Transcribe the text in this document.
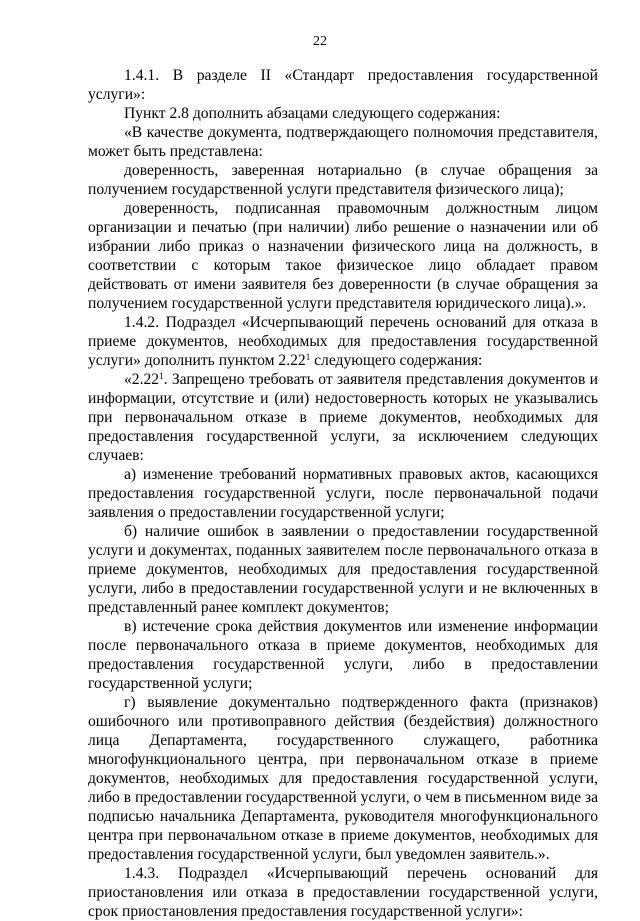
22

1.4.1. В разделе II «Стандарт предоставления государственной услуги»:

Пункт 2.8 дополнить абзацами следующего содержания:

«В качестве документа, подтверждающего полномочия представителя, может быть представлена:

доверенность, заверенная нотариально (в случае обращения за получением государственной услуги представителя физического лица);

доверенность, подписанная правомочным должностным лицом организации и печатью (при наличии) либо решение о назначении или об избрании либо приказ о назначении физического лица на должность, в соответствии с которым такое физическое лицо обладает правом действовать от имени заявителя без доверенности (в случае обращения за получением государственной услуги представителя юридического лица).».

1.4.2. Подраздел «Исчерпывающий перечень оснований для отказа в приеме документов, необходимых для предоставления государственной услуги» дополнить пунктом 2.22$^1$ следующего содержания:

«2.22$^1$. Запрещено требовать от заявителя представления документов и информации, отсутствие и (или) недостоверность которых не указывались при первоначальном отказе в приеме документов, необходимых для предоставления государственной услуги, за исключением следующих случаев:

а) изменение требований нормативных правовых актов, касающихся предоставления государственной услуги, после первоначальной подачи заявления о предоставлении государственной услуги;

б) наличие ошибок в заявлении о предоставлении государственной услуги и документах, поданных заявителем после первоначального отказа в приеме документов, необходимых для предоставления государственной услуги, либо в предоставлении государственной услуги и не включенных в представленный ранее комплект документов;

в) истечение срока действия документов или изменение информации после первоначального отказа в приеме документов, необходимых для предоставления государственной услуги, либо в предоставлении государственной услуги;

г) выявление документально подтвержденного факта (признаков) ошибочного или противоправного действия (бездействия) должностного лица Департамента, государственного служащего, работника многофункционального центра, при первоначальном отказе в приеме документов, необходимых для предоставления государственной услуги, либо в предоставлении государственной услуги, о чем в письменном виде за подписью начальника Департамента, руководителя многофункционального центра при первоначальном отказе в приеме документов, необходимых для предоставления государственной услуги, был уведомлен заявитель.».

1.4.3. Подраздел «Исчерпывающий перечень оснований для приостановления или отказа в предоставлении государственной услуги, срок приостановления предоставления государственной услуги»:
